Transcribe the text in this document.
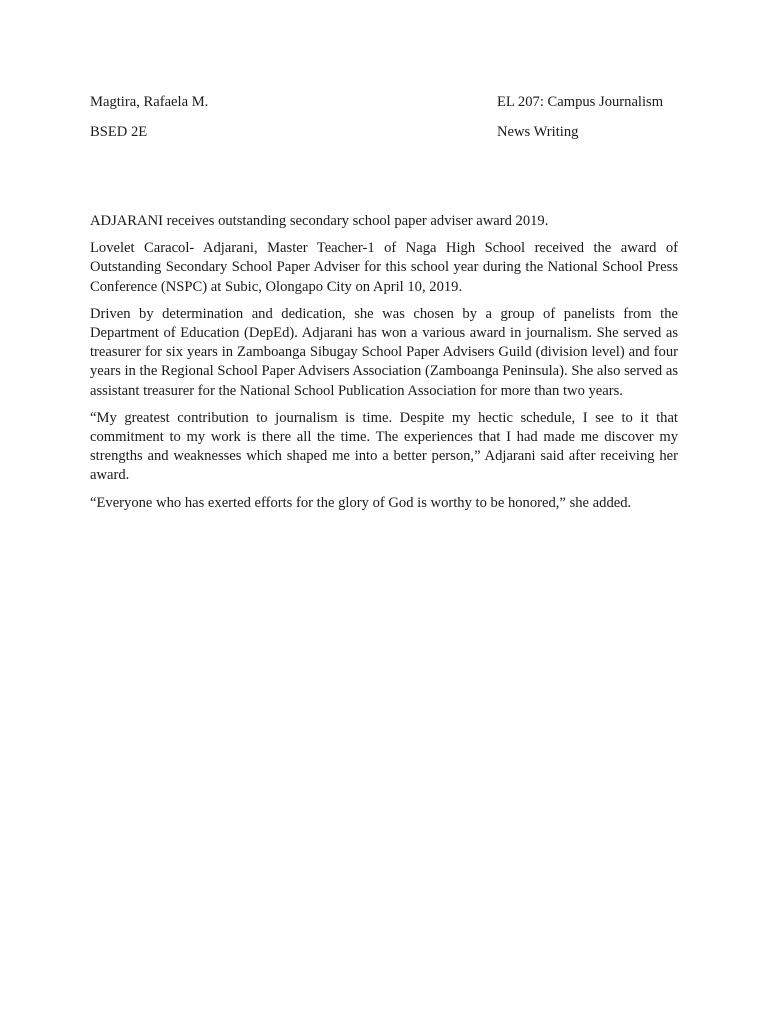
Magtira, Rafaela M.	EL 207: Campus Journalism
BSED 2E	News Writing

ADJARANI receives outstanding secondary school paper adviser award 2019.

Lovelet Caracol- Adjarani, Master Teacher-1 of Naga High School received the award of Outstanding Secondary School Paper Adviser for this school year during the National School Press Conference (NSPC) at Subic, Olongapo City on April 10, 2019.

Driven by determination and dedication, she was chosen by a group of panelists from the Department of Education (DepEd). Adjarani has won a various award in journalism. She served as treasurer for six years in Zamboanga Sibugay School Paper Advisers Guild (division level) and four years in the Regional School Paper Advisers Association (Zamboanga Peninsula). She also served as assistant treasurer for the National School Publication Association for more than two years.

“My greatest contribution to journalism is time. Despite my hectic schedule, I see to it that commitment to my work is there all the time. The experiences that I had made me discover my strengths and weaknesses which shaped me into a better person,” Adjarani said after receiving her award.

“Everyone who has exerted efforts for the glory of God is worthy to be honored,” she added.
